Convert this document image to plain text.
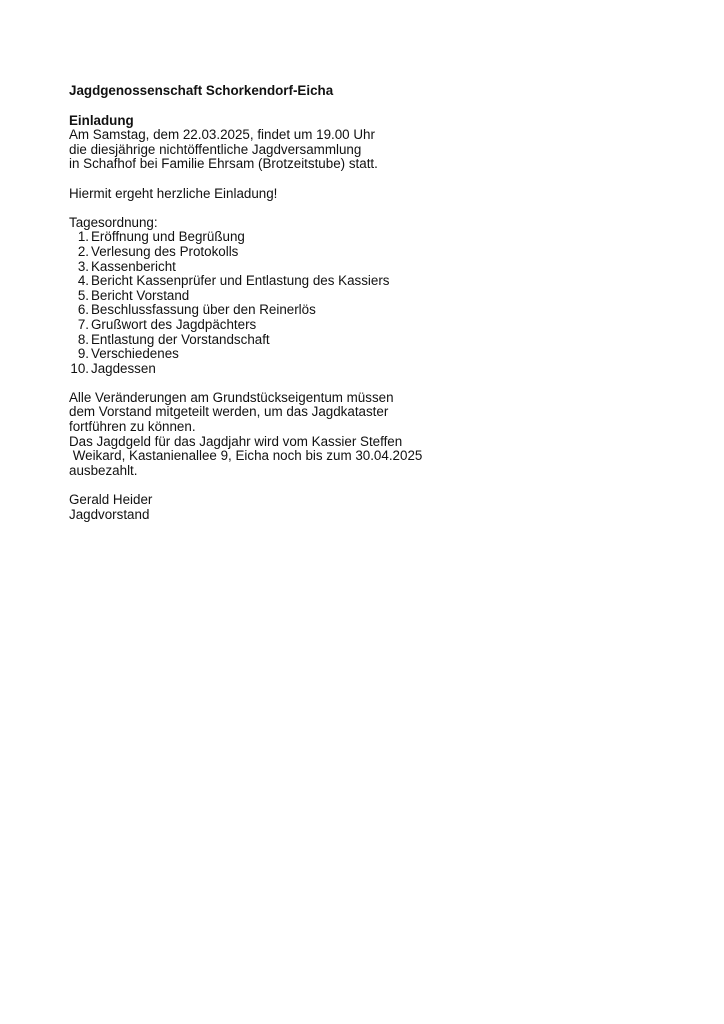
Jagdgenossenschaft Schorkendorf-Eicha

Einladung

Am Samstag, dem 22.03.2025, findet um 19.00 Uhr

die diesjährige nichtöffentliche Jagdversammlung

in Schafhof bei Familie Ehrsam (Brotzeitstube) statt.

Hiermit ergeht herzliche Einladung!

Tagesordnung:

1. Eröffnung und Begrüßung
2. Verlesung des Protokolls
3. Kassenbericht
4. Bericht Kassenprüfer und Entlastung des Kassiers
5. Bericht Vorstand
6. Beschlussfassung über den Reinerlös
7. Grußwort des Jagdpächters
8. Entlastung der Vorstandschaft
9. Verschiedenes
10. Jagdessen

Alle Veränderungen am Grundstückseigentum müssen

dem Vorstand mitgeteilt werden, um das Jagdkataster

fortführen zu können.

Das Jagdgeld für das Jagdjahr wird vom Kassier Steffen

Weikard, Kastanienallee 9, Eicha noch bis zum 30.04.2025

ausbezahlt.

Gerald Heider

Jagdvorstand
